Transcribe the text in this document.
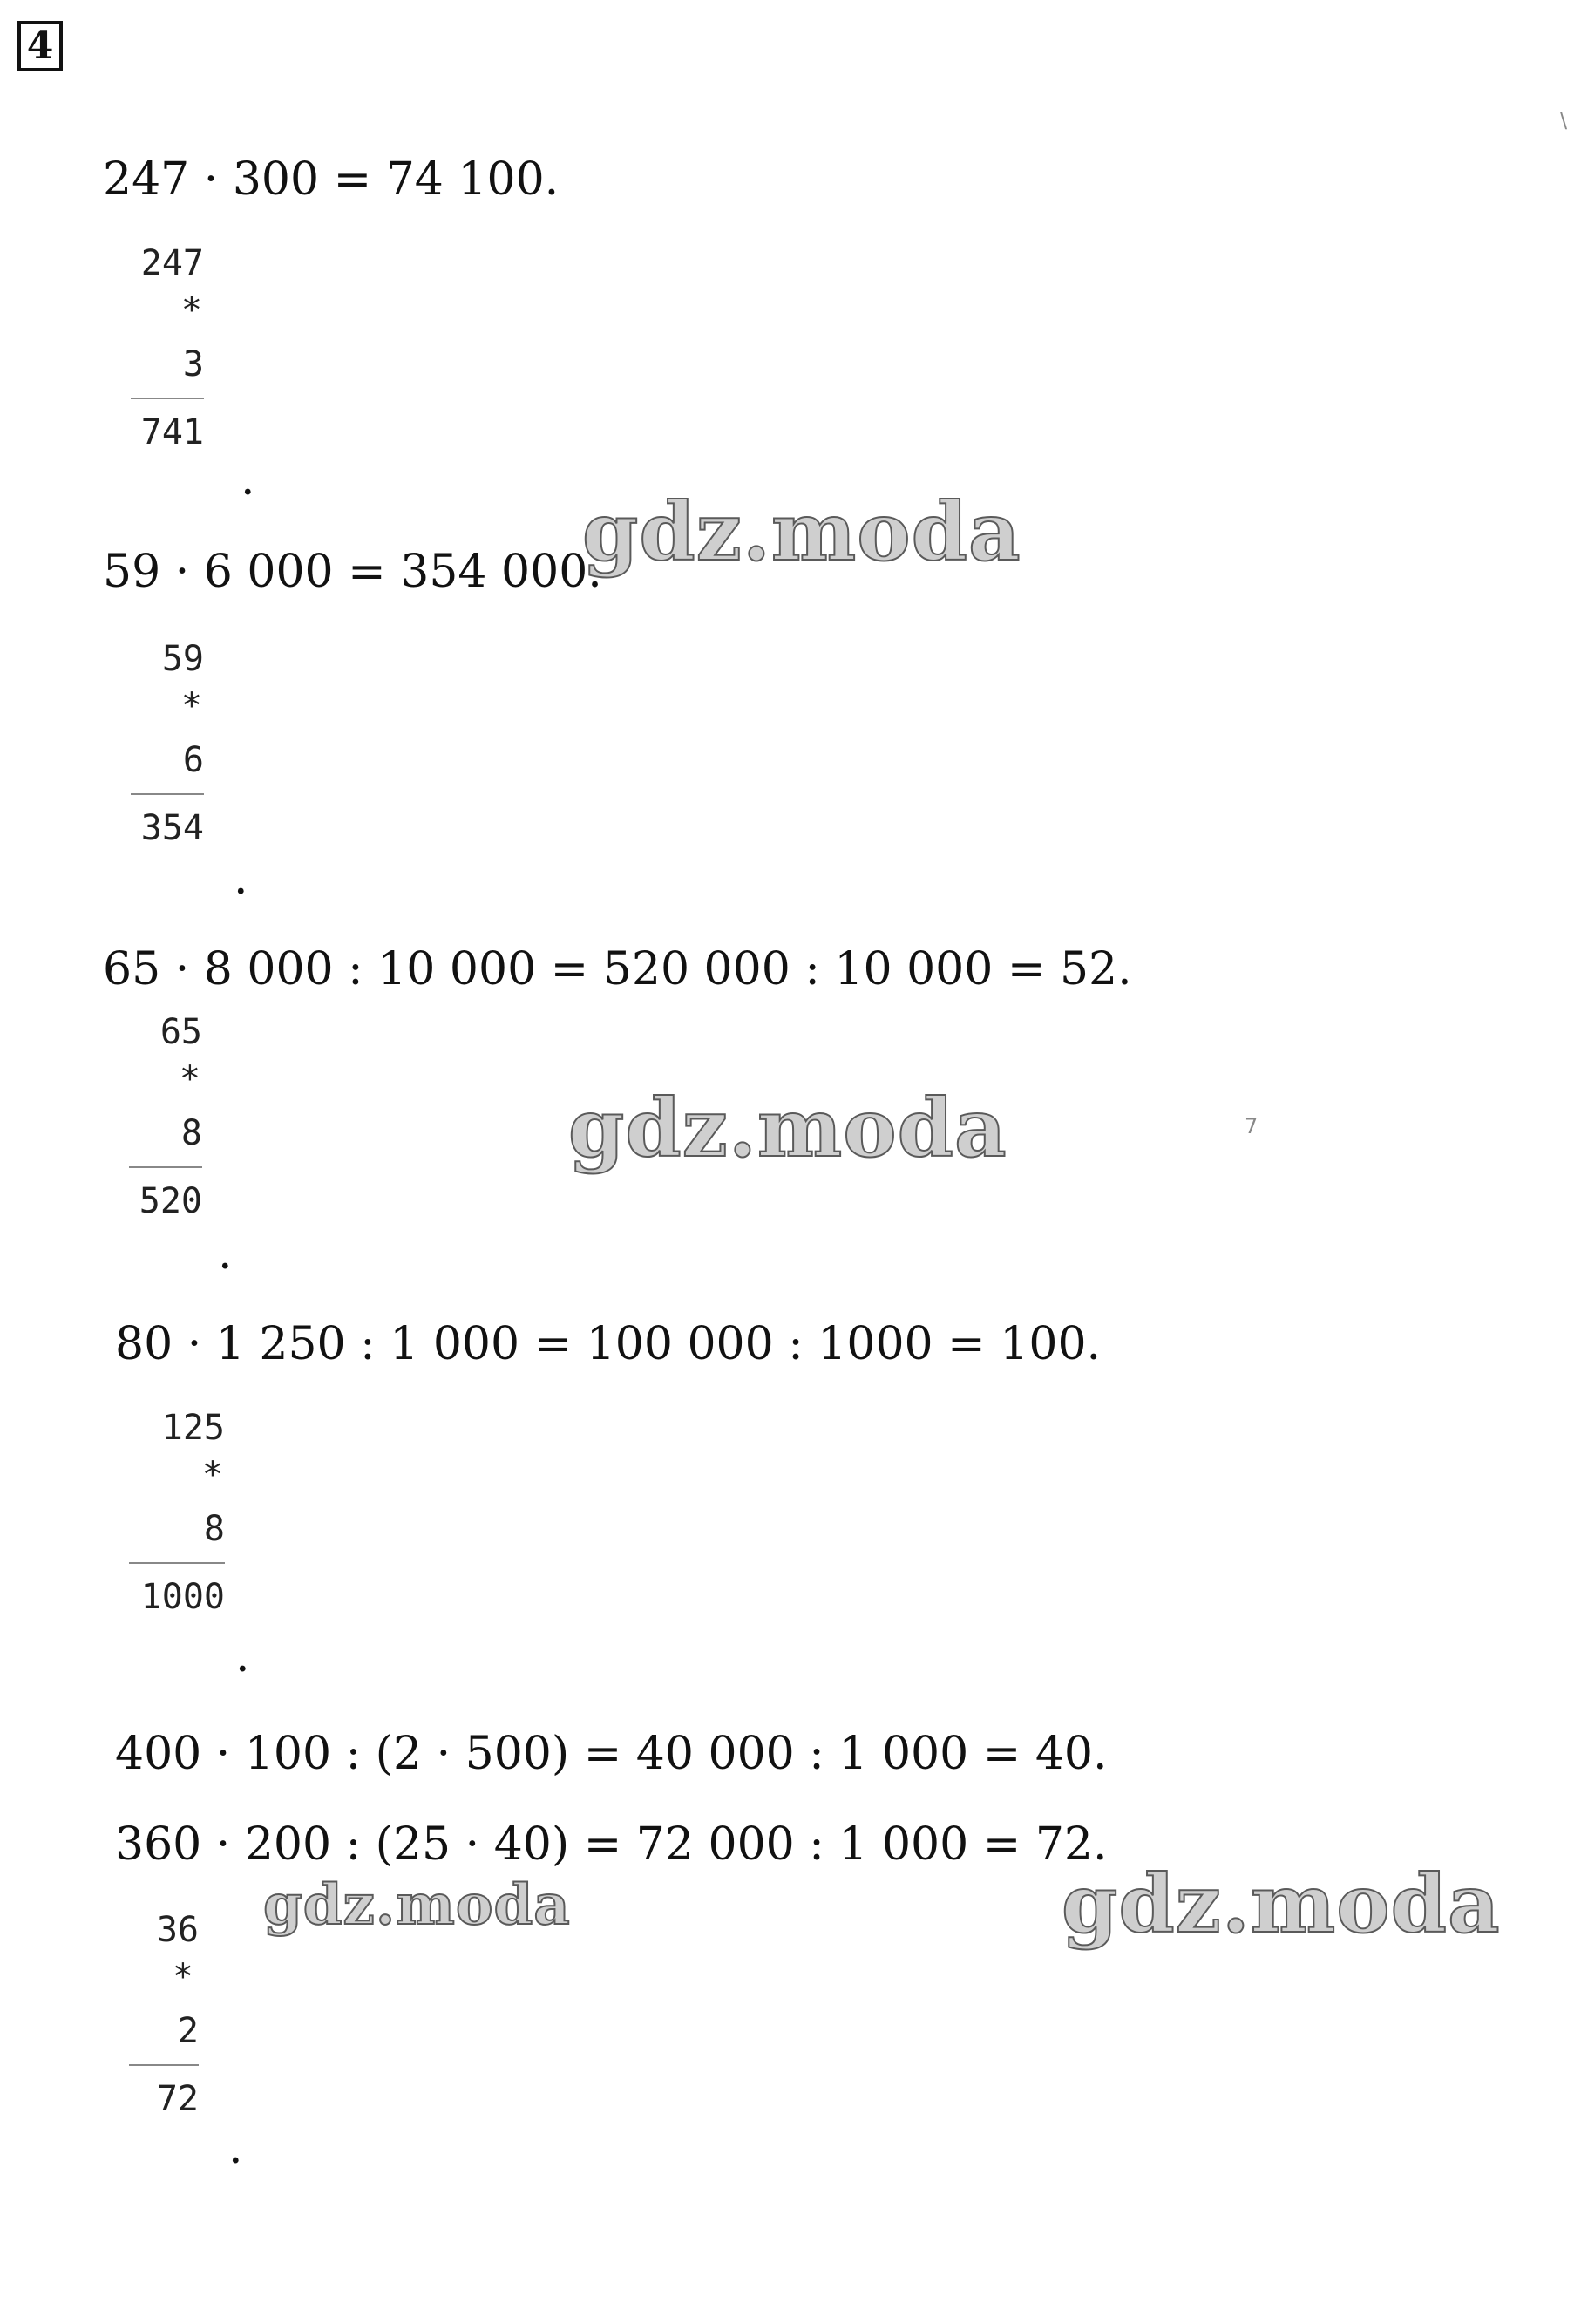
4
\
247 · 300 = 74 100.
247
*
3
741
.
gdz.moda
59 · 6 000 = 354 000.
59
*
6
354
.
65 · 8 000 : 10 000 = 520 000 : 10 000 = 52.
65
*
8
520
.
gdz.moda	7
80 · 1 250 : 1 000 = 100 000 : 1000 = 100.
125
*
8
1000
.
400 · 100 : (2 · 500) = 40 000 : 1 000 = 40.
360 · 200 : (25 · 40) = 72 000 : 1 000 = 72.
gdz.moda	gdz.moda
36
*
2
72
.
